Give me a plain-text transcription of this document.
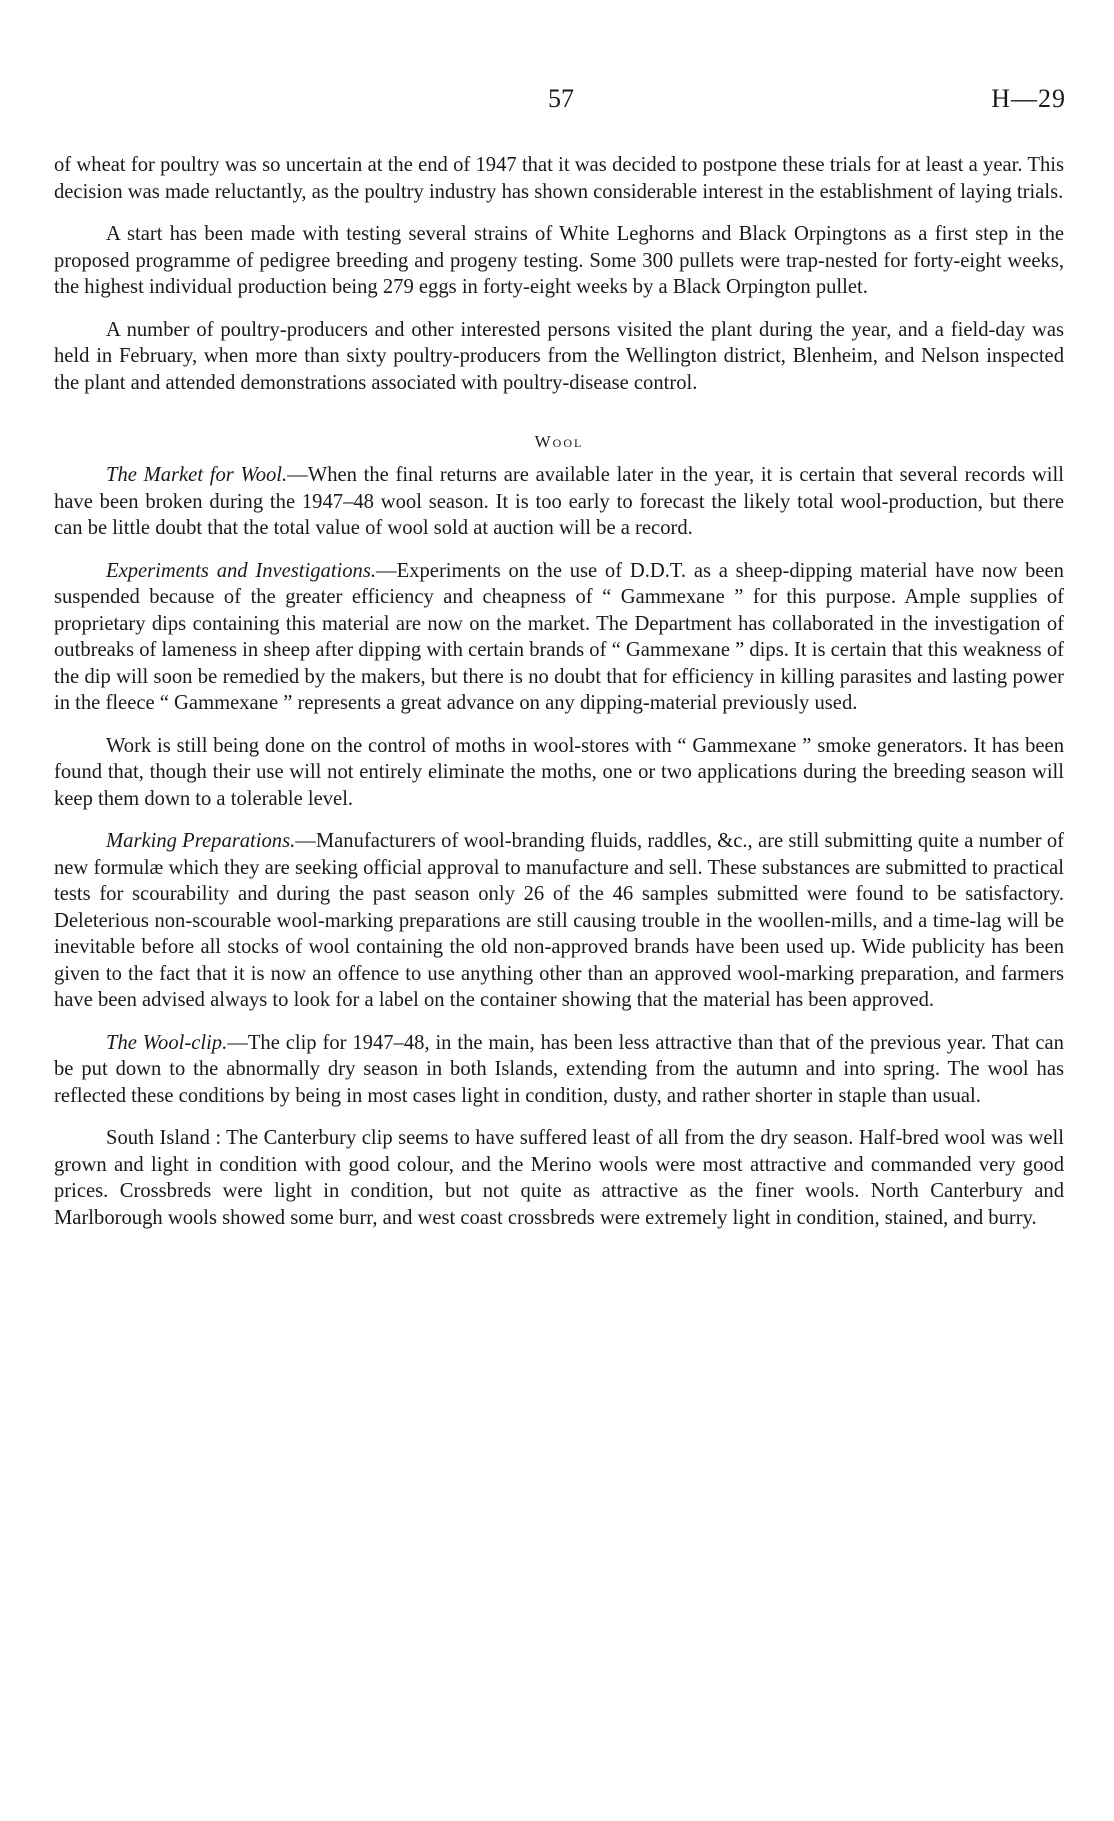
57	H—29

of wheat for poultry was so uncertain at the end of 1947 that it was decided to postpone these trials for at least a year. This decision was made reluctantly, as the poultry industry has shown considerable interest in the establishment of laying trials.

A start has been made with testing several strains of White Leghorns and Black Orpingtons as a first step in the proposed programme of pedigree breeding and progeny testing. Some 300 pullets were trap-nested for forty-eight weeks, the highest individual production being 279 eggs in forty-eight weeks by a Black Orpington pullet.

A number of poultry-producers and other interested persons visited the plant during the year, and a field-day was held in February, when more than sixty poultry-producers from the Wellington district, Blenheim, and Nelson inspected the plant and attended demonstrations associated with poultry-disease control.

Wool

The Market for Wool.—When the final returns are available later in the year, it is certain that several records will have been broken during the 1947–48 wool season. It is too early to forecast the likely total wool-production, but there can be little doubt that the total value of wool sold at auction will be a record.

Experiments and Investigations.—Experiments on the use of D.D.T. as a sheep-dipping material have now been suspended because of the greater efficiency and cheapness of “ Gammexane ” for this purpose. Ample supplies of proprietary dips containing this material are now on the market. The Department has collaborated in the investigation of outbreaks of lameness in sheep after dipping with certain brands of “ Gammexane ” dips. It is certain that this weakness of the dip will soon be remedied by the makers, but there is no doubt that for efficiency in killing parasites and lasting power in the fleece “ Gammexane ” represents a great advance on any dipping-material previously used.

Work is still being done on the control of moths in wool-stores with “ Gammexane ” smoke generators. It has been found that, though their use will not entirely eliminate the moths, one or two applications during the breeding season will keep them down to a tolerable level.

Marking Preparations.—Manufacturers of wool-branding fluids, raddles, &c., are still submitting quite a number of new formulæ which they are seeking official approval to manufacture and sell. These substances are submitted to practical tests for scourability and during the past season only 26 of the 46 samples submitted were found to be satisfactory. Deleterious non-scourable wool-marking preparations are still causing trouble in the woollen-mills, and a time-lag will be inevitable before all stocks of wool containing the old non-approved brands have been used up. Wide publicity has been given to the fact that it is now an offence to use anything other than an approved wool-marking preparation, and farmers have been advised always to look for a label on the container showing that the material has been approved.

The Wool-clip.—The clip for 1947–48, in the main, has been less attractive than that of the previous year. That can be put down to the abnormally dry season in both Islands, extending from the autumn and into spring. The wool has reflected these conditions by being in most cases light in condition, dusty, and rather shorter in staple than usual.

South Island : The Canterbury clip seems to have suffered least of all from the dry season. Half-bred wool was well grown and light in condition with good colour, and the Merino wools were most attractive and commanded very good prices. Crossbreds were light in condition, but not quite as attractive as the finer wools. North Canterbury and Marlborough wools showed some burr, and west coast crossbreds were extremely light in condition, stained, and burry.
